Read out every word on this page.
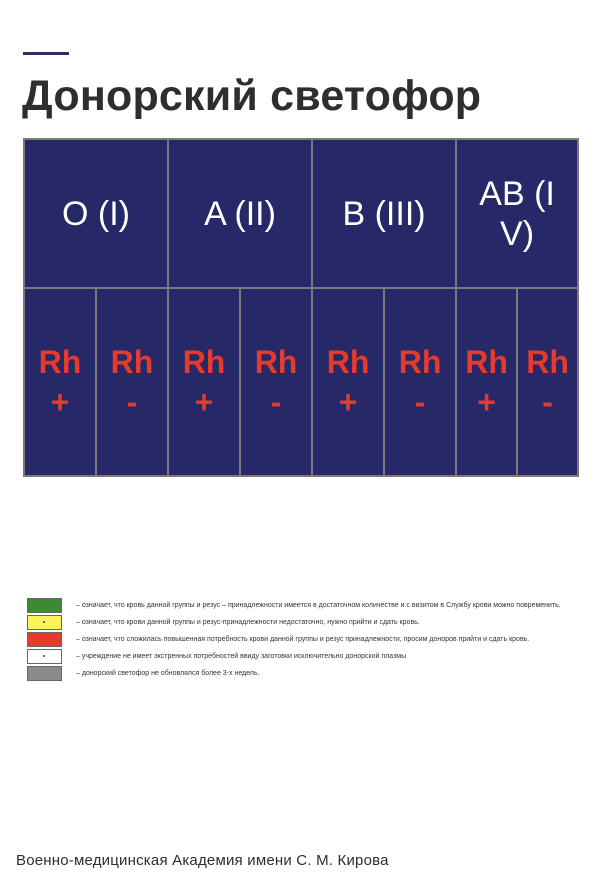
Донорский светофор
O (I)		A (II)		B (III)		AB (IV)	
Rh +	Rh -	Rh +	Rh -	Rh +	Rh -	Rh+	Rh-
– означает, что кровь данной группы и резус – принадлежности имеется в достаточном количестве и с визитом в Службу крови можно повременить.
– означает, что крови данной группы и резус-принадлежности недостаточно, нужно прийти и сдать кровь.
– означает, что сложилась повышенная потребность крови данной группы и резус принадлежности, просим доноров прийти и сдать кровь.
– учреждение не имеет экстренных потребностей ввиду заготовки исключительно донорской плазмы
– донорский светофор не обновлялся более 3-х недель.
Военно-медицинская Академия имени С. М. Кирова
